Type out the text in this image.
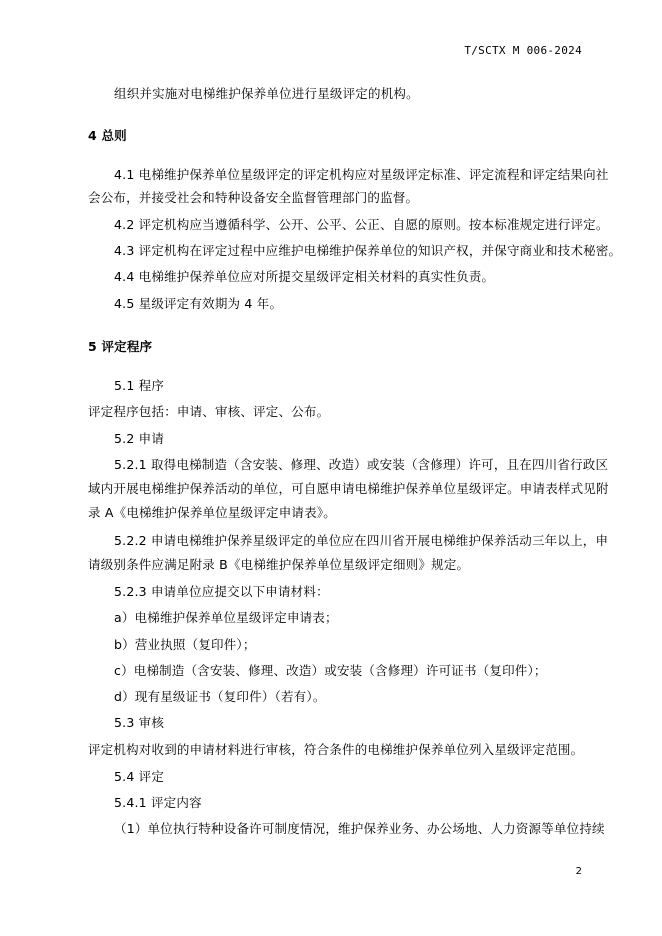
T/SCTX M 006-2024
组织并实施对电梯维护保养单位进行星级评定的机构。
4 总则
4.1 电梯维护保养单位星级评定的评定机构应对星级评定标准、评定流程和评定结果向社
会公布，并接受社会和特种设备安全监督管理部门的监督。
4.2 评定机构应当遵循科学、公开、公平、公正、自愿的原则。按本标准规定进行评定。
4.3 评定机构在评定过程中应维护电梯维护保养单位的知识产权，并保守商业和技术秘密。
4.4 电梯维护保养单位应对所提交星级评定相关材料的真实性负责。
4.5 星级评定有效期为 4 年。
5 评定程序
5.1 程序
评定程序包括：申请、审核、评定、公布。
5.2 申请
5.2.1 取得电梯制造（含安装、修理、改造）或安装（含修理）许可，且在四川省行政区
域内开展电梯维护保养活动的单位，可自愿申请电梯维护保养单位星级评定。申请表样式见附
录 A《电梯维护保养单位星级评定申请表》。
5.2.2 申请电梯维护保养星级评定的单位应在四川省开展电梯维护保养活动三年以上，申
请级别条件应满足附录 B《电梯维护保养单位星级评定细则》规定。
5.2.3 申请单位应提交以下申请材料：
a）电梯维护保养单位星级评定申请表；
b）营业执照（复印件）；
c）电梯制造（含安装、修理、改造）或安装（含修理）许可证书（复印件）；
d）现有星级证书（复印件）（若有）。
5.3 审核
评定机构对收到的申请材料进行审核，符合条件的电梯维护保养单位列入星级评定范围。
5.4 评定
5.4.1 评定内容
（1）单位执行特种设备许可制度情况，维护保养业务、办公场地、人力资源等单位持续
2
